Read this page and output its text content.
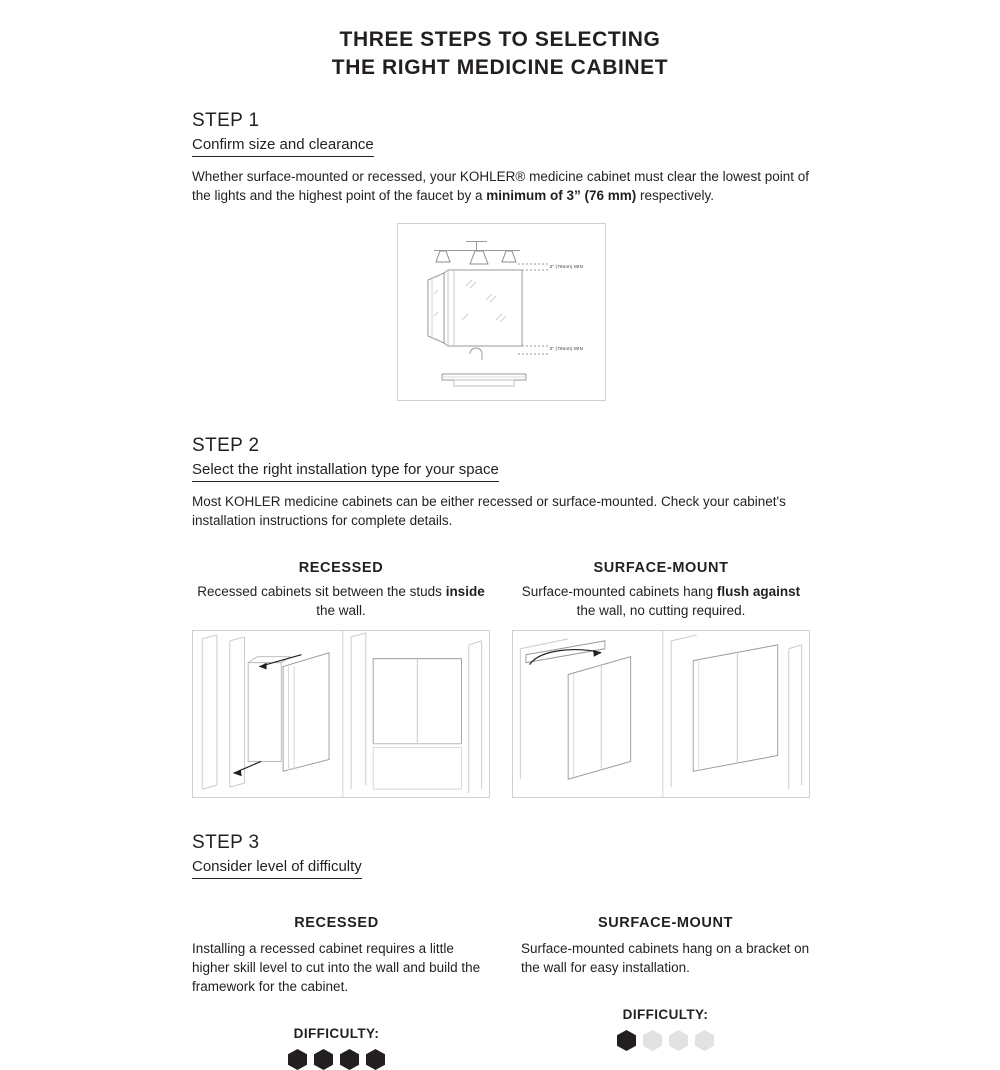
THREE STEPS TO SELECTING
THE RIGHT MEDICINE CABINET
STEP 1
Confirm size and clearance
Whether surface-mounted or recessed, your KOHLER® medicine cabinet must clear the lowest point of the lights and the highest point of the faucet by a minimum of 3” (76 mm) respectively.
3" (76mm) MIN
3" (76mm) MIN
STEP 2
Select the right installation type for your space
Most KOHLER medicine cabinets can be either recessed or surface-mounted. Check your cabinet's installation instructions for complete details.
RECESSED
Recessed cabinets sit between the studs inside the wall.
SURFACE-MOUNT
Surface-mounted cabinets hang flush against the wall, no cutting required.
STEP 3
Consider level of difficulty
RECESSED
Installing a recessed cabinet requires a little higher skill level to cut into the wall and build the framework for the cabinet.
DIFFICULTY:
SURFACE-MOUNT
Surface-mounted cabinets hang on a bracket on the wall for easy installation.
DIFFICULTY:
